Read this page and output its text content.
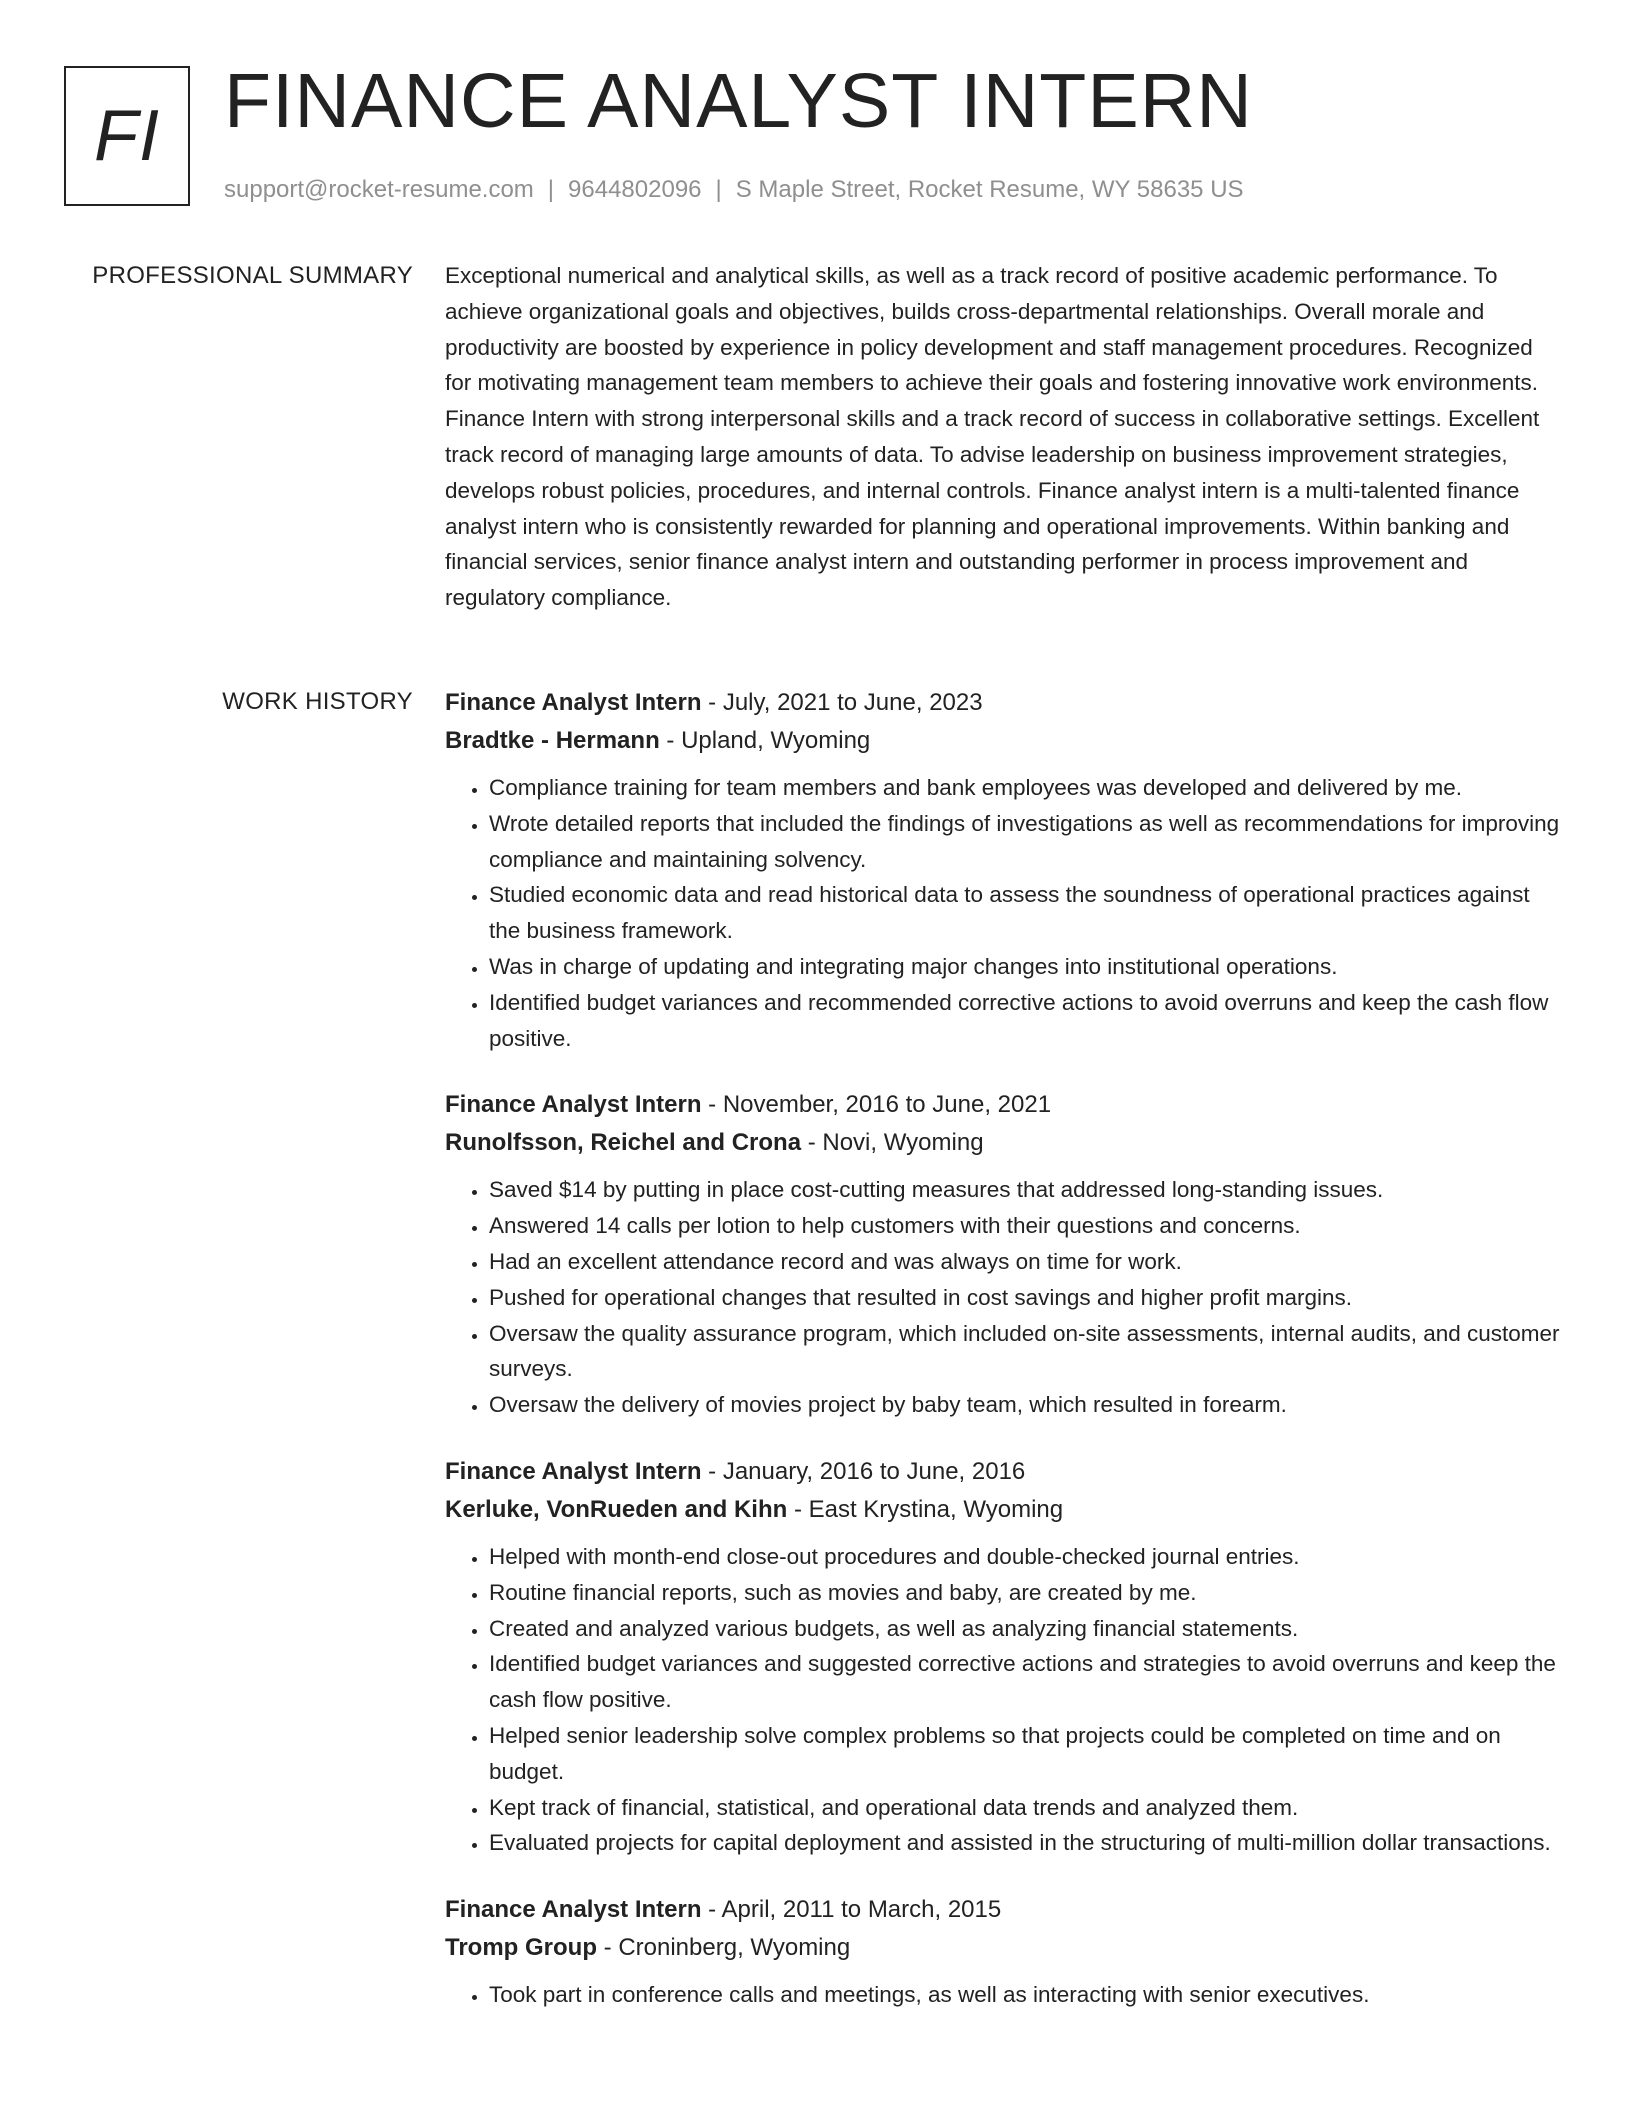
FI FINANCE ANALYST INTERN
support@rocket-resume.com | 9644802096 | S Maple Street, Rocket Resume, WY 58635 US
PROFESSIONAL SUMMARY Exceptional numerical and analytical skills, as well as a track record of positive academic performance. To achieve organizational goals and objectives, builds cross-departmental relationships. Overall morale and productivity are boosted by experience in policy development and staff management procedures. Recognized for motivating management team members to achieve their goals and fostering innovative work environments. Finance Intern with strong interpersonal skills and a track record of success in collaborative settings. Excellent track record of managing large amounts of data. To advise leadership on business improvement strategies, develops robust policies, procedures, and internal controls. Finance analyst intern is a multi-talented finance analyst intern who is consistently rewarded for planning and operational improvements. Within banking and financial services, senior finance analyst intern and outstanding performer in process improvement and regulatory compliance.
WORK HISTORY Finance Analyst Intern - July, 2021 to June, 2023
Bradtke - Hermann - Upland, Wyoming
• Compliance training for team members and bank employees was developed and delivered by me.
• Wrote detailed reports that included the findings of investigations as well as recommendations for improving compliance and maintaining solvency.
• Studied economic data and read historical data to assess the soundness of operational practices against the business framework.
• Was in charge of updating and integrating major changes into institutional operations.
• Identified budget variances and recommended corrective actions to avoid overruns and keep the cash flow positive.
Finance Analyst Intern - November, 2016 to June, 2021
Runolfsson, Reichel and Crona - Novi, Wyoming
• Saved $14 by putting in place cost-cutting measures that addressed long-standing issues.
• Answered 14 calls per lotion to help customers with their questions and concerns.
• Had an excellent attendance record and was always on time for work.
• Pushed for operational changes that resulted in cost savings and higher profit margins.
• Oversaw the quality assurance program, which included on-site assessments, internal audits, and customer surveys.
• Oversaw the delivery of movies project by baby team, which resulted in forearm.
Finance Analyst Intern - January, 2016 to June, 2016
Kerluke, VonRueden and Kihn - East Krystina, Wyoming
• Helped with month-end close-out procedures and double-checked journal entries.
• Routine financial reports, such as movies and baby, are created by me.
• Created and analyzed various budgets, as well as analyzing financial statements.
• Identified budget variances and suggested corrective actions and strategies to avoid overruns and keep the cash flow positive.
• Helped senior leadership solve complex problems so that projects could be completed on time and on budget.
• Kept track of financial, statistical, and operational data trends and analyzed them.
• Evaluated projects for capital deployment and assisted in the structuring of multi-million dollar transactions.
Finance Analyst Intern - April, 2011 to March, 2015
Tromp Group - Croninberg, Wyoming
• Took part in conference calls and meetings, as well as interacting with senior executives.
